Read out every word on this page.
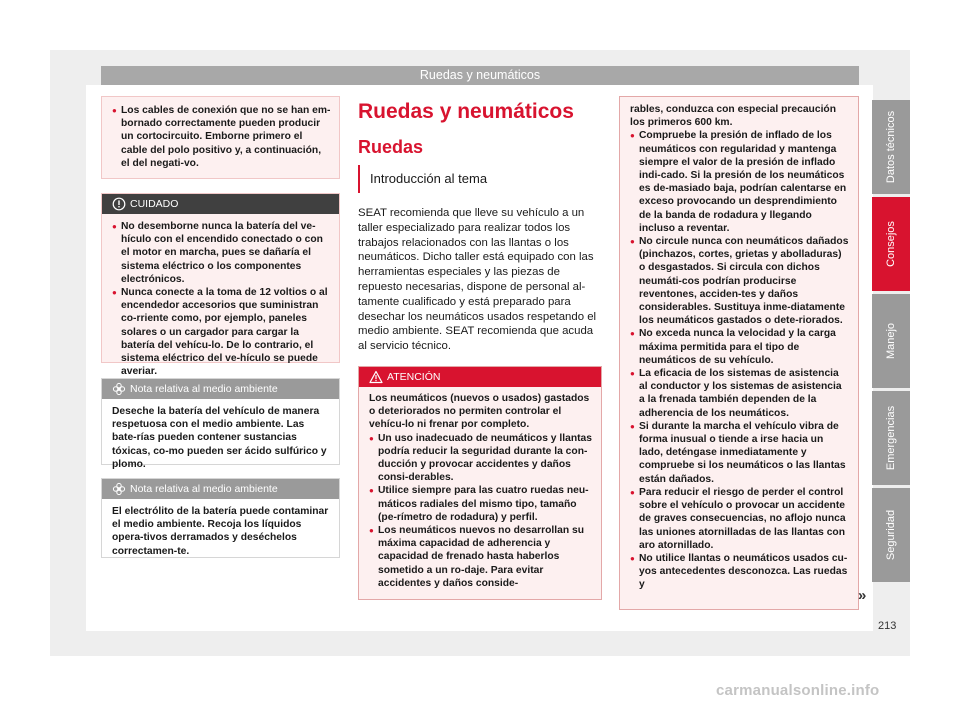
Ruedas y neumáticos

● Los cables de conexión que no se han em-bornado correctamente pueden producir un cortocircuito. Emborne primero el cable del polo positivo y, a continuación, el del negati-vo.

CUIDADO

● No desemborne nunca la batería del ve-hículo con el encendido conectado o con el motor en marcha, pues se dañaría el sistema eléctrico o los componentes electrónicos.

● Nunca conecte a la toma de 12 voltios o al encendedor accesorios que suministran co-rriente como, por ejemplo, paneles solares o un cargador para cargar la batería del vehícu-lo. De lo contrario, el sistema eléctrico del ve-hículo se puede averiar.

Nota relativa al medio ambiente

Deseche la batería del vehículo de manera respetuosa con el medio ambiente. Las bate-rías pueden contener sustancias tóxicas, co-mo pueden ser ácido sulfúrico y plomo.

Nota relativa al medio ambiente

El electrólito de la batería puede contaminar el medio ambiente. Recoja los líquidos opera-tivos derramados y deséchelos correctamen-te.

Ruedas y neumáticos
Ruedas
Introducción al tema
SEAT recomienda que lleve su vehículo a un taller especializado para realizar todos los trabajos relacionados con las llantas o los neumáticos. Dicho taller está equipado con las herramientas especiales y las piezas de repuesto necesarias, dispone de personal al-tamente cualificado y está preparado para desechar los neumáticos usados respetando el medio ambiente. SEAT recomienda que acuda al servicio técnico.
ATENCIÓN

Los neumáticos (nuevos o usados) gastados o deteriorados no permiten controlar el vehícu-lo ni frenar por completo.

● Un uso inadecuado de neumáticos y llantas podría reducir la seguridad durante la con-ducción y provocar accidentes y daños consi-derables.

● Utilice siempre para las cuatro ruedas neu-máticos radiales del mismo tipo, tamaño (pe-rímetro de rodadura) y perfil.

● Los neumáticos nuevos no desarrollan su máxima capacidad de adherencia y capacidad de frenado hasta haberlos sometido a un ro-daje. Para evitar accidentes y daños conside-

rables, conduzca con especial precaución los primeros 600 km.

● Compruebe la presión de inflado de los neumáticos con regularidad y mantenga siempre el valor de la presión de inflado indi-cado. Si la presión de los neumáticos es de-masiado baja, podrían calentarse en exceso provocando un desprendimiento de la banda de rodadura y llegando incluso a reventar.

● No circule nunca con neumáticos dañados (pinchazos, cortes, grietas y abolladuras) o desgastados. Si circula con dichos neumáti-cos podrían producirse reventones, acciden-tes y daños considerables. Sustituya inme-diatamente los neumáticos gastados o dete-riorados.

● No exceda nunca la velocidad y la carga máxima permitida para el tipo de neumáticos de su vehículo.

● La eficacia de los sistemas de asistencia al conductor y los sistemas de asistencia a la frenada también dependen de la adherencia de los neumáticos.

● Si durante la marcha el vehículo vibra de forma inusual o tiende a irse hacia un lado, deténgase inmediatamente y compruebe si los neumáticos o las llantas están dañados.

● Para reducir el riesgo de perder el control sobre el vehículo o provocar un accidente de graves consecuencias, no aflojo nunca las uniones atornilladas de las llantas con aro atornillado.

● No utilice llantas o neumáticos usados cu-yos antecedentes desconozca. Las ruedas y

»
Datos técnicos
Consejos
Manejo
Emergencias
Seguridad
213
carmanualsonline.info
